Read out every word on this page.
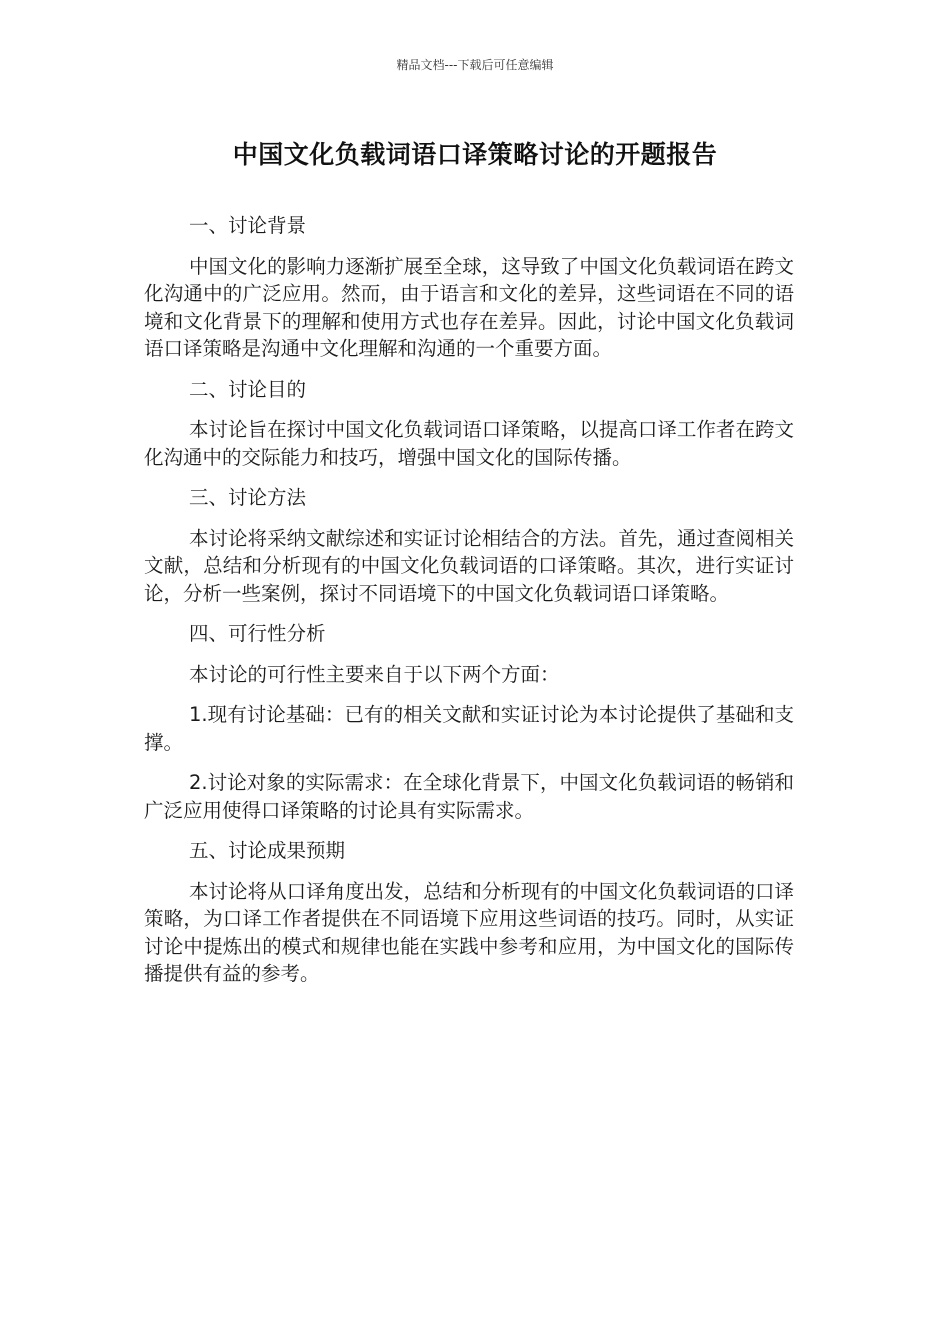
精品文档---下载后可任意编辑
中国文化负载词语口译策略讨论的开题报告

一、讨论背景

中国文化的影响力逐渐扩展至全球，这导致了中国文化负载词语在跨文化沟通中的广泛应用。然而，由于语言和文化的差异，这些词语在不同的语境和文化背景下的理解和使用方式也存在差异。因此，讨论中国文化负载词语口译策略是沟通中文化理解和沟通的一个重要方面。

二、讨论目的

本讨论旨在探讨中国文化负载词语口译策略，以提高口译工作者在跨文化沟通中的交际能力和技巧，增强中国文化的国际传播。

三、讨论方法

本讨论将采纳文献综述和实证讨论相结合的方法。首先，通过查阅相关文献，总结和分析现有的中国文化负载词语的口译策略。其次，进行实证讨论，分析一些案例，探讨不同语境下的中国文化负载词语口译策略。

四、可行性分析

本讨论的可行性主要来自于以下两个方面：

1.现有讨论基础：已有的相关文献和实证讨论为本讨论提供了基础和支撑。

2.讨论对象的实际需求：在全球化背景下，中国文化负载词语的畅销和广泛应用使得口译策略的讨论具有实际需求。

五、讨论成果预期

本讨论将从口译角度出发，总结和分析现有的中国文化负载词语的口译策略，为口译工作者提供在不同语境下应用这些词语的技巧。同时，从实证讨论中提炼出的模式和规律也能在实践中参考和应用，为中国文化的国际传播提供有益的参考。
